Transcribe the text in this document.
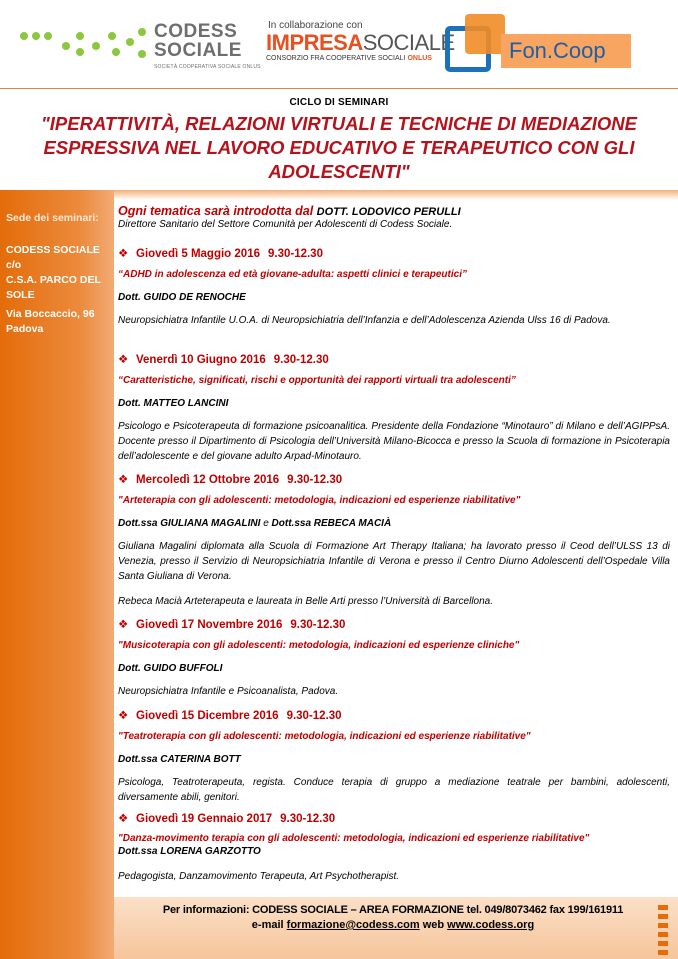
CODESS
SOCIALE
SOCIETÀ COOPERATIVA SOCIALE ONLUS
In collaborazione con
IMPRESASOCIALE
CONSORZIO FRA COOPERATIVE SOCIALI ONLUS	Fon.Coop
CICLO DI SEMINARI
"IPERATTIVITÀ, RELAZIONI VIRTUALI E TECNICHE DI MEDIAZIONE ESPRESSIVA NEL LAVORO EDUCATIVO E TERAPEUTICO CON GLI ADOLESCENTI"
Sede dei seminari:
CODESS SOCIALE
c/o
C.S.A. PARCO DEL
SOLE
Via Boccaccio, 96
Padova
Ogni tematica sarà introdotta dal DOTT. LODOVICO PERULLI
Direttore Sanitario del Settore Comunità per Adolescenti di Codess Sociale.
❖ Giovedì 5 Maggio 2016 9.30-12.30
“ADHD in adolescenza ed età giovane-adulta: aspetti clinici e terapeutici”
Dott. GUIDO DE RENOCHE
Neuropsichiatra Infantile U.O.A. di Neuropsichiatria dell’Infanzia e dell’Adolescenza Azienda Ulss 16 di Padova.
❖ Venerdì 10 Giugno 2016 9.30-12.30
“Caratteristiche, significati, rischi e opportunità dei rapporti virtuali tra adolescenti”
Dott. MATTEO LANCINI
Psicologo e Psicoterapeuta di formazione psicoanalitica. Presidente della Fondazione “Minotauro” di Milano e dell’AGIPPsA. Docente presso il Dipartimento di Psicologia dell’Università Milano-Bicocca e presso la Scuola di formazione in Psicoterapia dell’adolescente e del giovane adulto Arpad-Minotauro.
❖ Mercoledì 12 Ottobre 2016 9.30-12.30
"Arteterapia con gli adolescenti: metodologia, indicazioni ed esperienze riabilitative"
Dott.ssa GIULIANA MAGALINI e Dott.ssa REBECA MACIÀ
Giuliana Magalini diplomata alla Scuola di Formazione Art Therapy Italiana; ha lavorato presso il Ceod dell’ULSS 13 di Venezia, presso il Servizio di Neuropsichiatria Infantile di Verona e presso il Centro Diurno Adolescenti dell’Ospedale Villa Santa Giuliana di Verona.
Rebeca Macià Arteterapeuta e laureata in Belle Arti presso l’Università di Barcellona.
❖ Giovedì 17 Novembre 2016 9.30-12.30
"Musicoterapia con gli adolescenti: metodologia, indicazioni ed esperienze cliniche"
Dott. GUIDO BUFFOLI
Neuropsichiatra Infantile e Psicoanalista, Padova.
❖ Giovedì 15 Dicembre 2016 9.30-12.30
"Teatroterapia con gli adolescenti: metodologia, indicazioni ed esperienze riabilitative"
Dott.ssa CATERINA BOTT
Psicologa, Teatroterapeuta, regista. Conduce terapia di gruppo a mediazione teatrale per bambini, adolescenti, diversamente abili, genitori.
❖ Giovedì 19 Gennaio 2017 9.30-12.30
"Danza-movimento terapia con gli adolescenti: metodologia, indicazioni ed esperienze riabilitative"
Dott.ssa LORENA GARZOTTO
Pedagogista, Danzamovimento Terapeuta, Art Psychotherapist.
Per informazioni: CODESS SOCIALE – AREA FORMAZIONE tel. 049/8073462 fax 199/161911
e-mail formazione@codess.com web www.codess.org
